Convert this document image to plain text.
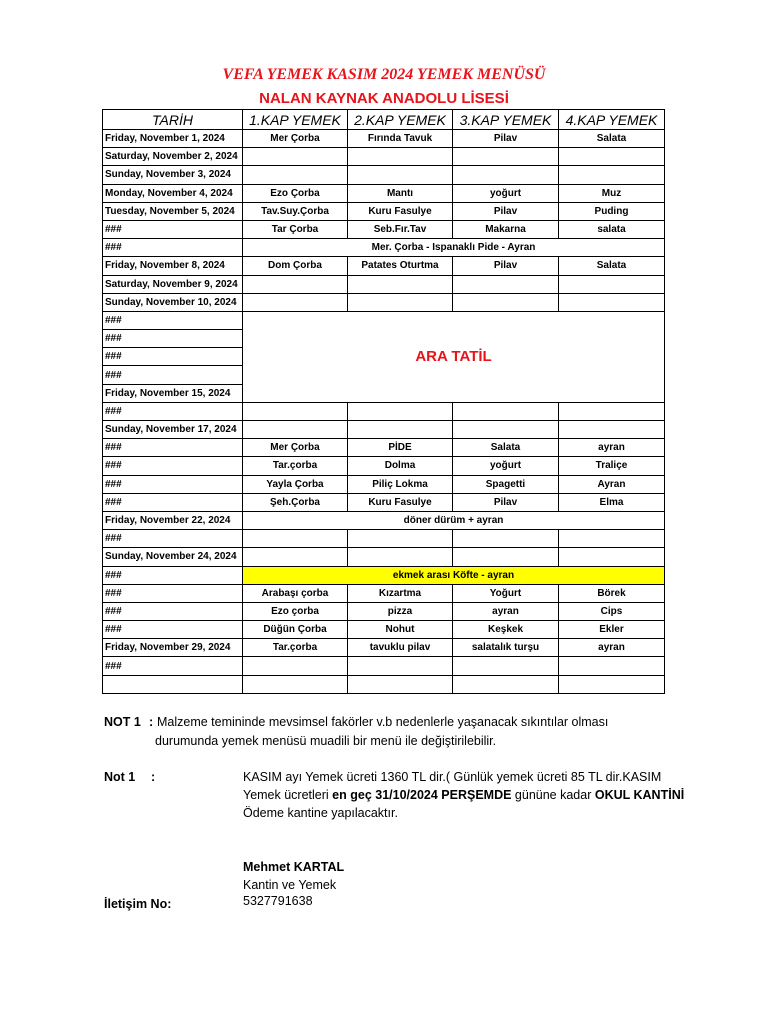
VEFA YEMEK KASIM 2024 YEMEK MENÜSÜ
NALAN KAYNAK ANADOLU LİSESİ
TARİH	1.KAP YEMEK	2.KAP YEMEK	3.KAP YEMEK	4.KAP YEMEK
Friday, November 1, 2024	Mer Çorba	Fırında Tavuk	Pilav	Salata
Saturday, November 2, 2024				
Sunday, November 3, 2024				
Monday, November 4, 2024	Ezo Çorba	Mantı	yoğurt	Muz
Tuesday, November 5, 2024	Tav.Suy.Çorba	Kuru Fasulye	Pilav	Puding
###	Tar Çorba	Seb.Fır.Tav	Makarna	salata
###	Mer. Çorba - Ispanaklı Pide - Ayran			
Friday, November 8, 2024	Dom Çorba	Patates Oturtma	Pilav	Salata
Saturday, November 9, 2024				
Sunday, November 10, 2024				
###	ARA TATİL			
###				
###				
###				
Friday, November 15, 2024				
###				
Sunday, November 17, 2024				
###	Mer Çorba	PİDE	Salata	ayran
###	Tar.çorba	Dolma	yoğurt	Traliçe
###	Yayla Çorba	Piliç Lokma	Spagetti	Ayran
###	Şeh.Çorba	Kuru Fasulye	Pilav	Elma
Friday, November 22, 2024	döner dürüm + ayran			
###				
Sunday, November 24, 2024				
###	ekmek arası Köfte - ayran			
###	Arabaşı çorba	Kızartma	Yoğurt	Börek
###	Ezo çorba	pizza	ayran	Cips
###	Düğün Çorba	Nohut	Keşkek	Ekler
Friday, November 29, 2024	Tar.çorba	tavuklu pilav	salatalık turşu	ayran
###				

NOT 1 : Malzeme temininde mevsimsel fakörler v.b nedenlerle yaşanacak sıkıntılar olması
durumunda yemek menüsü muadili bir menü ile değiştirilebilir.
Not 1 :	KASIM ayı Yemek ücreti 1360 TL dir.( Günlük yemek ücreti 85 TL dir.KASIM
Yemek ücretleri en geç 31/10/2024 PERŞEMDE gününe kadar OKUL KANTİNİ
Ödeme kantine yapılacaktır.
Mehmet KARTAL
Kantin ve Yemek
5327791638
İletişim No:
